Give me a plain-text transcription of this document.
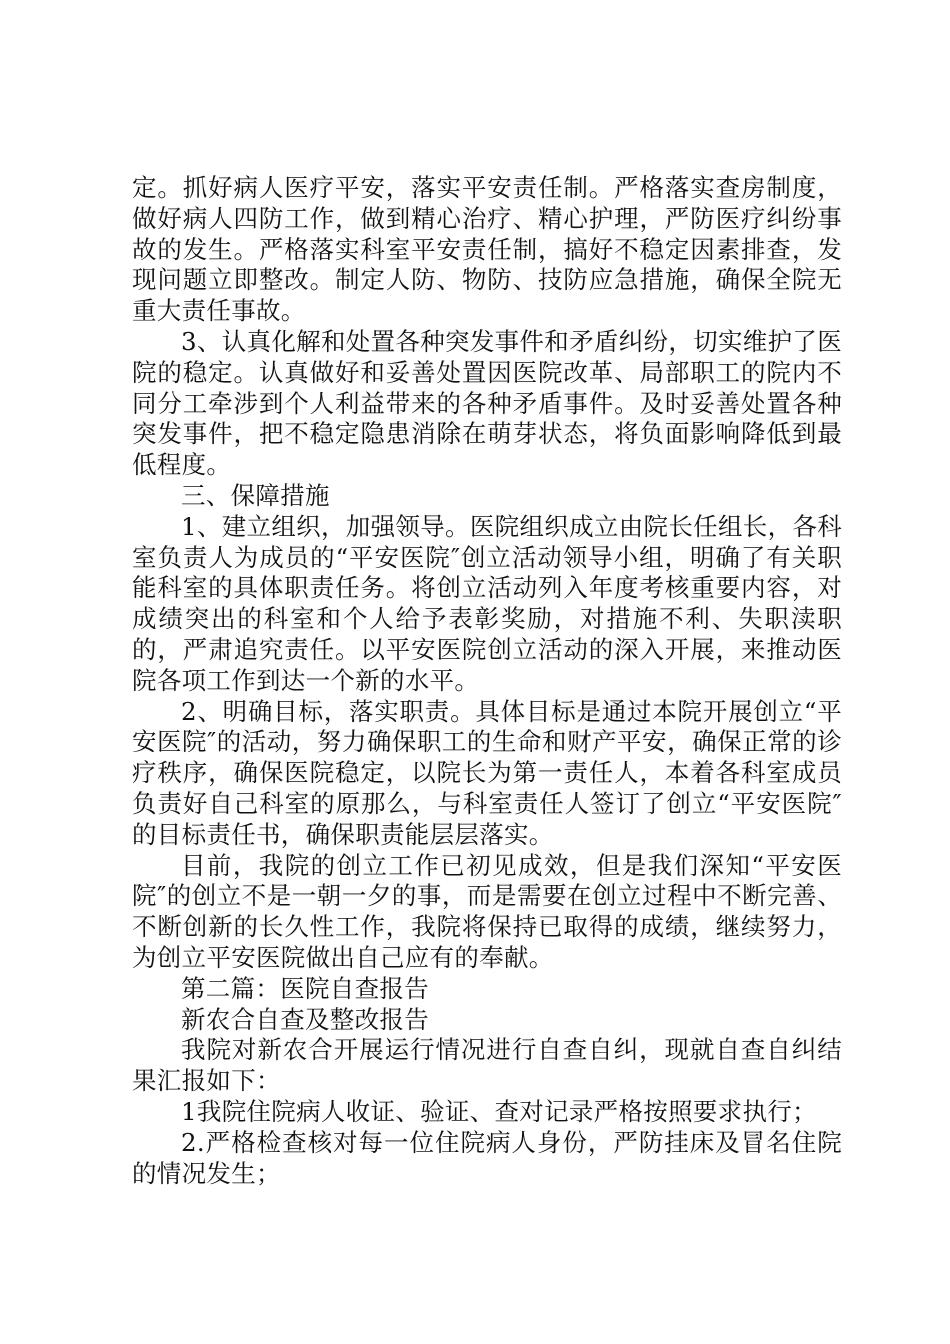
定。抓好病人医疗平安，落实平安责任制。严格落实查房制度，做好病人四防工作，做到精心治疗、精心护理，严防医疗纠纷事故的发生。严格落实科室平安责任制，搞好不稳定因素排查，发现问题立即整改。制定人防、物防、技防应急措施，确保全院无重大责任事故。

3、认真化解和处置各种突发事件和矛盾纠纷，切实维护了医院的稳定。认真做好和妥善处置因医院改革、局部职工的院内不同分工牵涉到个人利益带来的各种矛盾事件。及时妥善处置各种突发事件，把不稳定隐患消除在萌芽状态，将负面影响降低到最低程度。

三、保障措施

1、建立组织，加强领导。医院组织成立由院长任组长，各科室负责人为成员的“平安医院″创立活动领导小组，明确了有关职能科室的具体职责任务。将创立活动列入年度考核重要内容，对成绩突出的科室和个人给予表彰奖励，对措施不利、失职渎职的，严肃追究责任。以平安医院创立活动的深入开展，来推动医院各项工作到达一个新的水平。

2、明确目标，落实职责。具体目标是通过本院开展创立“平安医院″的活动，努力确保职工的生命和财产平安，确保正常的诊疗秩序，确保医院稳定，以院长为第一责任人，本着各科室成员负责好自己科室的原那么，与科室责任人签订了创立“平安医院″的目标责任书，确保职责能层层落实。

目前，我院的创立工作已初见成效，但是我们深知“平安医院″的创立不是一朝一夕的事，而是需要在创立过程中不断完善、不断创新的长久性工作，我院将保持已取得的成绩，继续努力，为创立平安医院做出自己应有的奉献。

第二篇：医院自查报告

新农合自查及整改报告

我院对新农合开展运行情况进行自查自纠，现就自查自纠结果汇报如下：

1我院住院病人收证、验证、查对记录严格按照要求执行；

2.严格检查核对每一位住院病人身份，严防挂床及冒名住院的情况发生；
